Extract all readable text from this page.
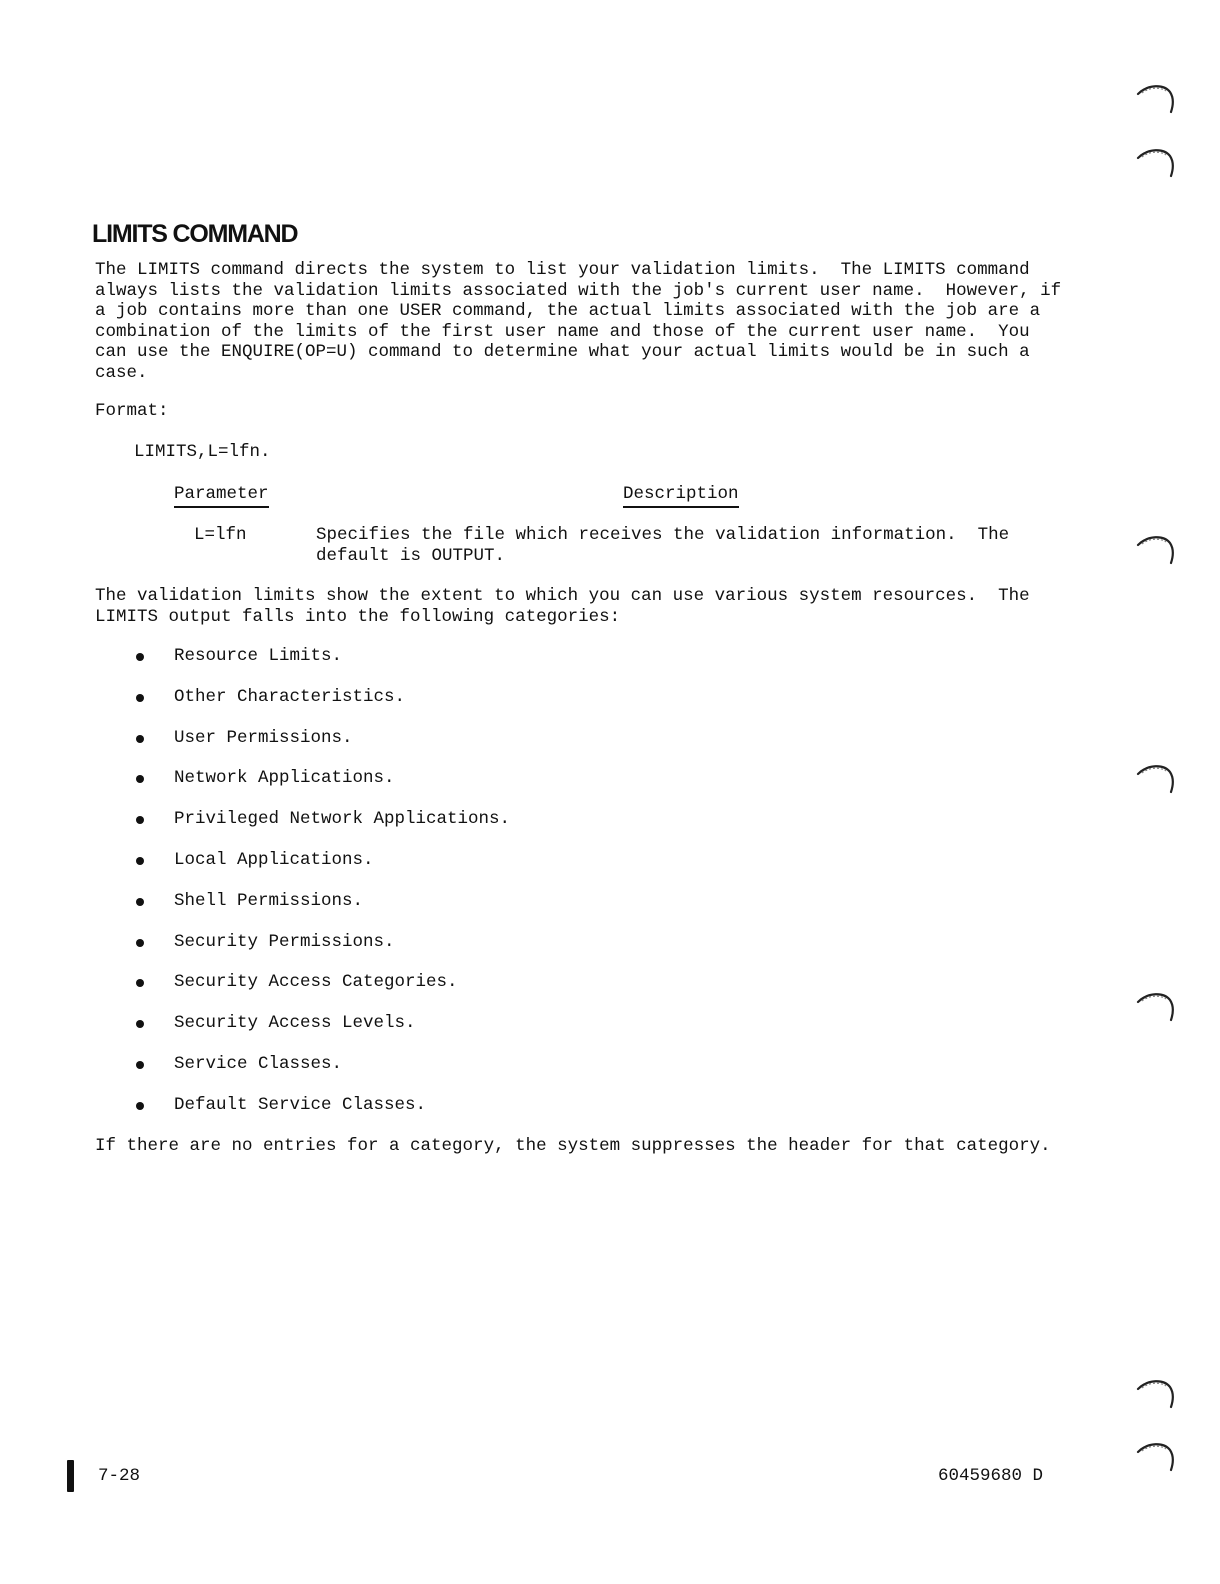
LIMITS COMMAND

The LIMITS command directs the system to list your validation limits.  The LIMITS command
always lists the validation limits associated with the job's current user name.  However, if
a job contains more than one USER command, the actual limits associated with the job are a
combination of the limits of the first user name and those of the current user name.  You
can use the ENQUIRE(OP=U) command to determine what your actual limits would be in such a
case.

Format:

LIMITS,L=lfn.

Parameter	Description

L=lfn	Specifies the file which receives the validation information.  The
default is OUTPUT.

The validation limits show the extent to which you can use various system resources.  The
LIMITS output falls into the following categories:

Resource Limits.
Other Characteristics.
User Permissions.
Network Applications.
Privileged Network Applications.
Local Applications.
Shell Permissions.
Security Permissions.
Security Access Categories.
Security Access Levels.
Service Classes.
Default Service Classes.

If there are no entries for a category, the system suppresses the header for that category.

7-28	60459680 D
